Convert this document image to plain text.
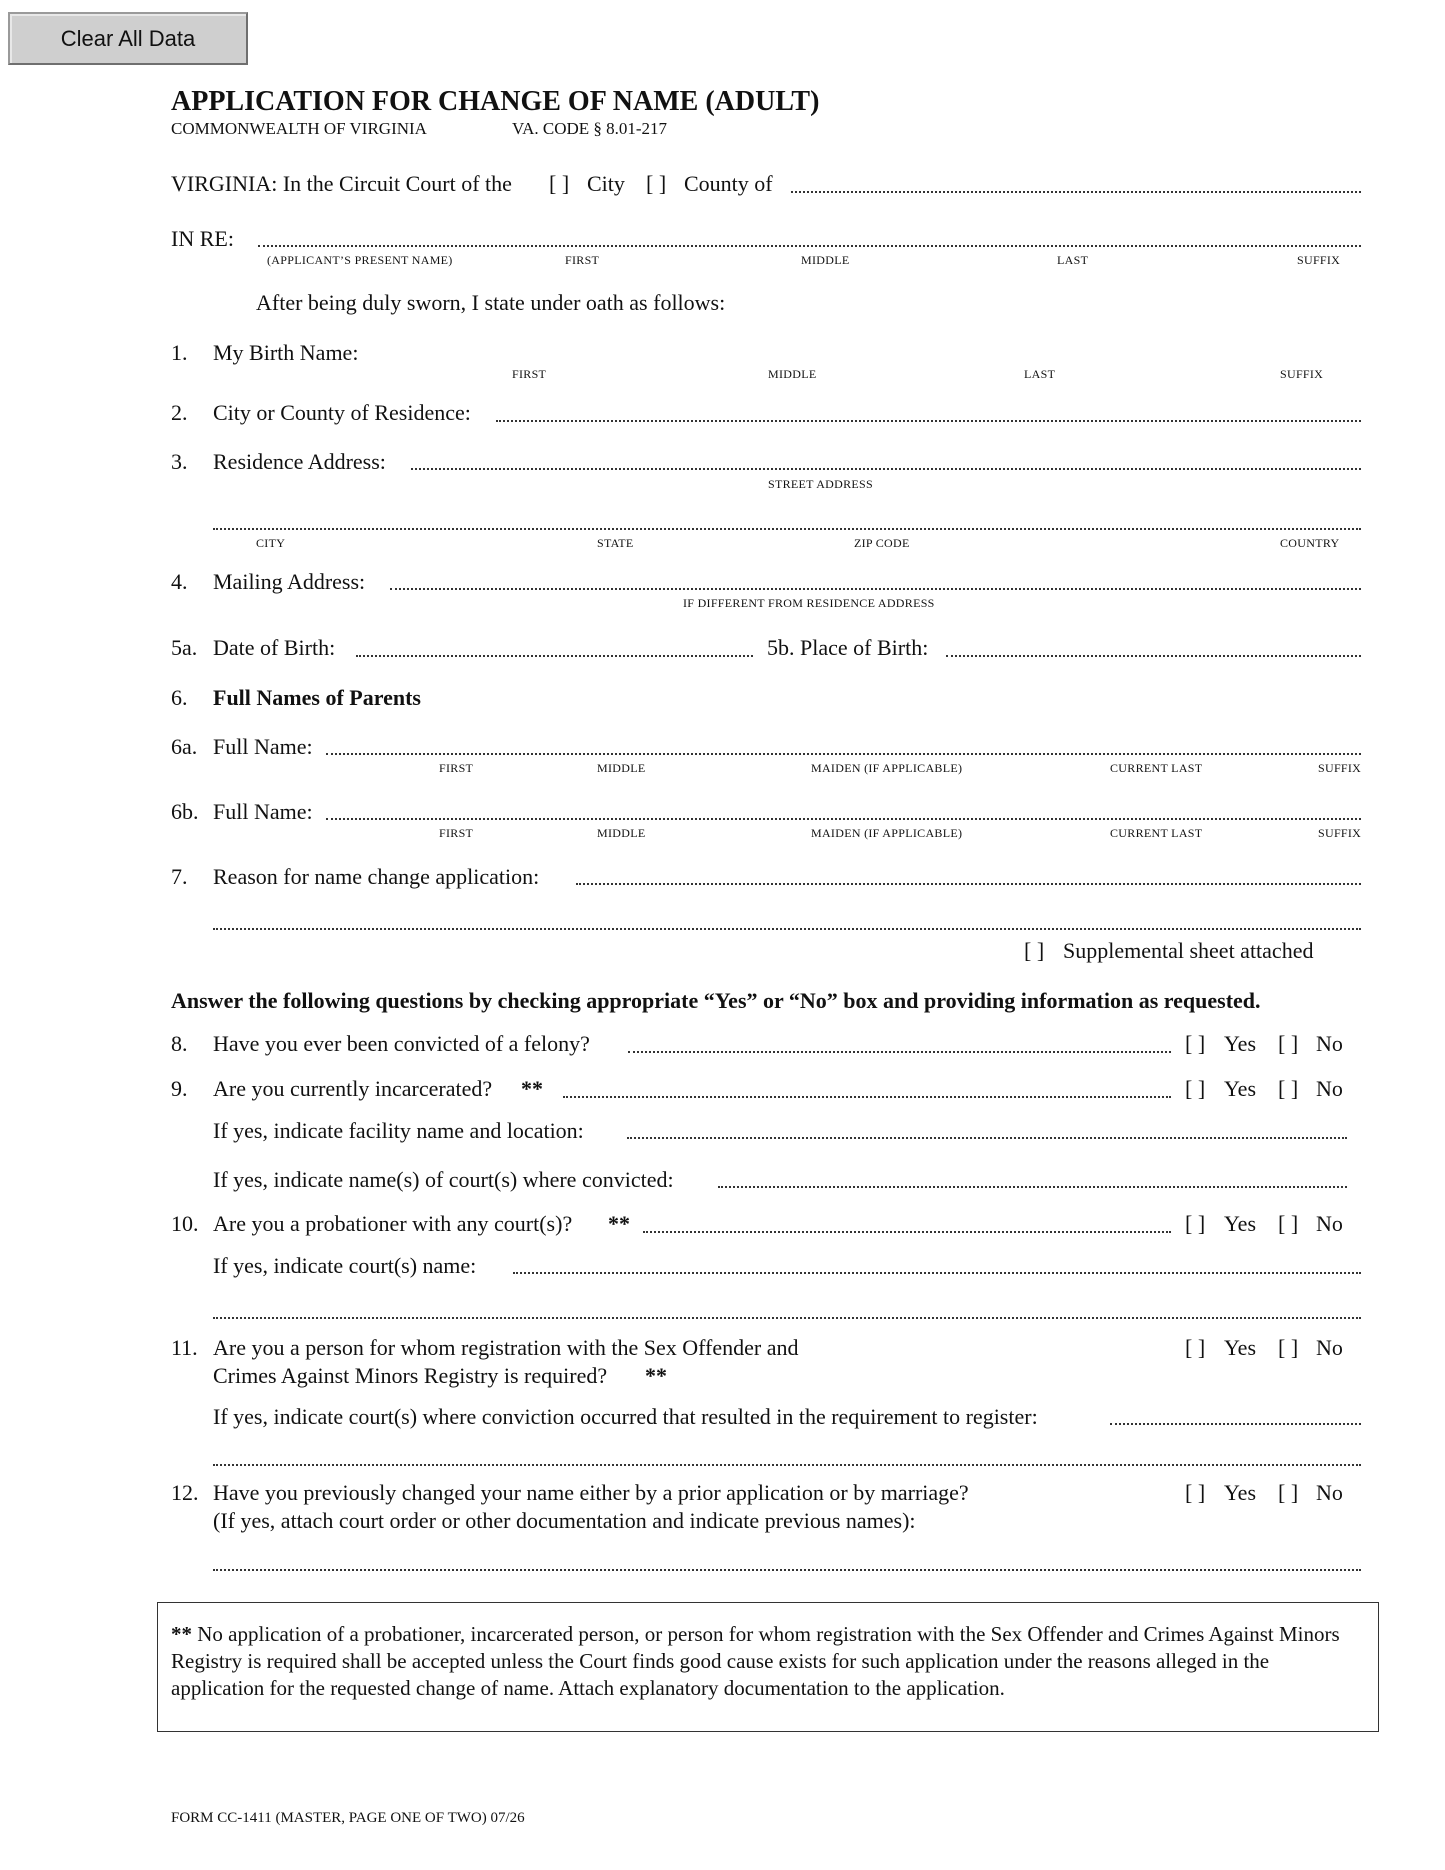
Clear All Data
APPLICATION FOR CHANGE OF NAME (ADULT)
COMMONWEALTH OF VIRGINIA	VA. CODE § 8.01-217
VIRGINIA: In the Circuit Court of the [ ] City [ ] County of
IN RE:
(APPLICANT’S PRESENT NAME)	FIRST	MIDDLE	LAST	SUFFIX
After being duly sworn, I state under oath as follows:
1. My Birth Name:
FIRST	MIDDLE	LAST	SUFFIX
2. City or County of Residence:
3. Residence Address:
STREET ADDRESS
CITY	STATE	ZIP CODE	COUNTRY
4. Mailing Address:
IF DIFFERENT FROM RESIDENCE ADDRESS
5a. Date of Birth:	5b. Place of Birth:
6. Full Names of Parents
6a. Full Name:
FIRST	MIDDLE	MAIDEN (IF APPLICABLE)	CURRENT LAST	SUFFIX
6b. Full Name:
FIRST	MIDDLE	MAIDEN (IF APPLICABLE)	CURRENT LAST	SUFFIX
7. Reason for name change application:
[ ] Supplemental sheet attached
Answer the following questions by checking appropriate “Yes” or “No” box and providing information as requested.
8. Have you ever been convicted of a felony?	[ ] Yes [ ] No
9. Are you currently incarcerated? **	[ ] Yes [ ] No
If yes, indicate facility name and location:
If yes, indicate name(s) of court(s) where convicted:
10. Are you a probationer with any court(s)? **	[ ] Yes [ ] No
If yes, indicate court(s) name:
11. Are you a person for whom registration with the Sex Offender and
Crimes Against Minors Registry is required? **
[ ] Yes [ ] No
If yes, indicate court(s) where conviction occurred that resulted in the requirement to register:
12. Have you previously changed your name either by a prior application or by marriage?
(If yes, attach court order or other documentation and indicate previous names):
[ ] Yes [ ] No
** No application of a probationer, incarcerated person, or person for whom registration with the Sex Offender and Crimes Against Minors Registry is required shall be accepted unless the Court finds good cause exists for such application under the reasons alleged in the application for the requested change of name. Attach explanatory documentation to the application.
FORM CC-1411 (MASTER, PAGE ONE OF TWO) 07/26
